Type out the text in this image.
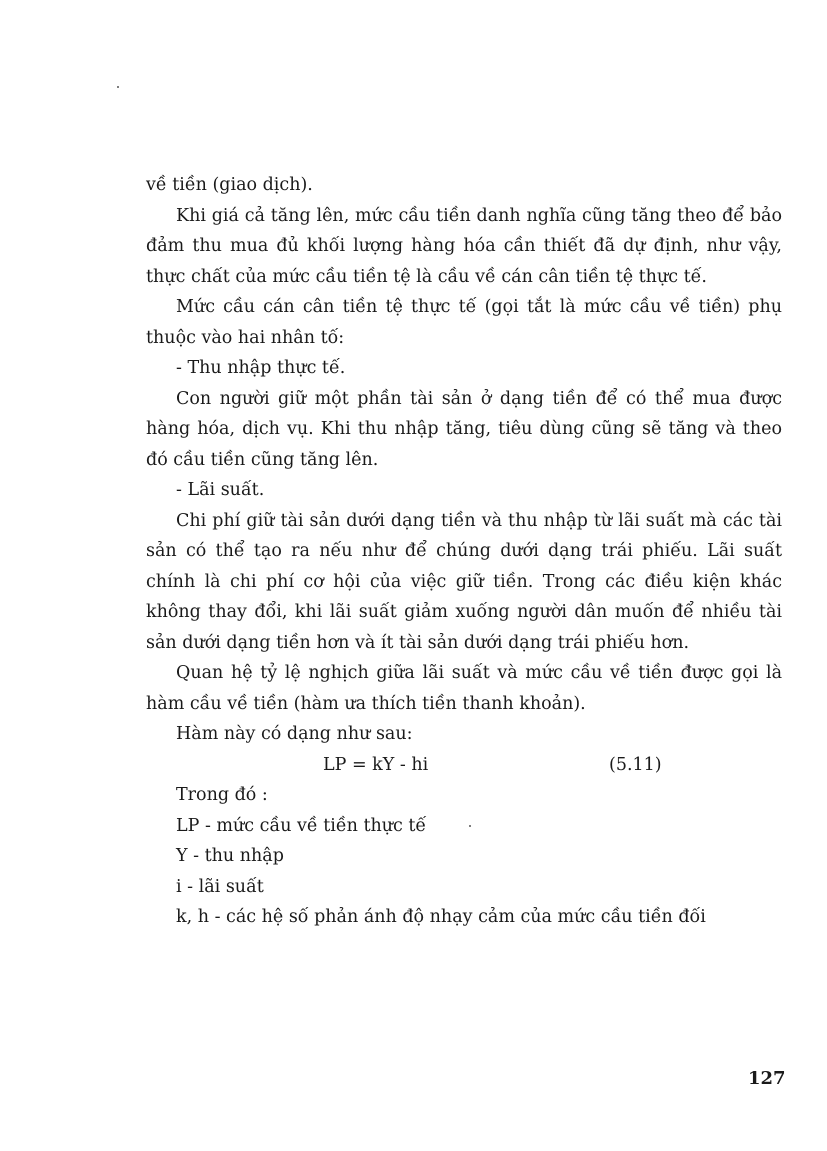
về tiền (giao dịch).

Khi giá cả tăng lên, mức cầu tiền danh nghĩa cũng tăng theo để bảo đảm thu mua đủ khối lượng hàng hóa cần thiết đã dự định, như vậy, thực chất của mức cầu tiền tệ là cầu về cán cân tiền tệ thực tế.

Mức cầu cán cân tiền tệ thực tế (gọi tắt là mức cầu về tiền) phụ thuộc vào hai nhân tố:

- Thu nhập thực tế.

Con người giữ một phần tài sản ở dạng tiền để có thể mua được hàng hóa, dịch vụ. Khi thu nhập tăng, tiêu dùng cũng sẽ tăng và theo đó cầu tiền cũng tăng lên.

- Lãi suất.

Chi phí giữ tài sản dưới dạng tiền và thu nhập từ lãi suất mà các tài sản có thể tạo ra nếu như để chúng dưới dạng trái phiếu. Lãi suất chính là chi phí cơ hội của việc giữ tiền. Trong các điều kiện khác không thay đổi, khi lãi suất giảm xuống người dân muốn để nhiều tài sản dưới dạng tiền hơn và ít tài sản dưới dạng trái phiếu hơn.

Quan hệ tỷ lệ nghịch giữa lãi suất và mức cầu về tiền được gọi là hàm cầu về tiền (hàm ưa thích tiền thanh khoản).

Hàm này có dạng như sau:

LP = kY - hi	(5.11)

Trong đó :

LP - mức cầu về tiền thực tế

Y - thu nhập

i - lãi suất

k, h - các hệ số phản ánh độ nhạy cảm của mức cầu tiền đối

127
